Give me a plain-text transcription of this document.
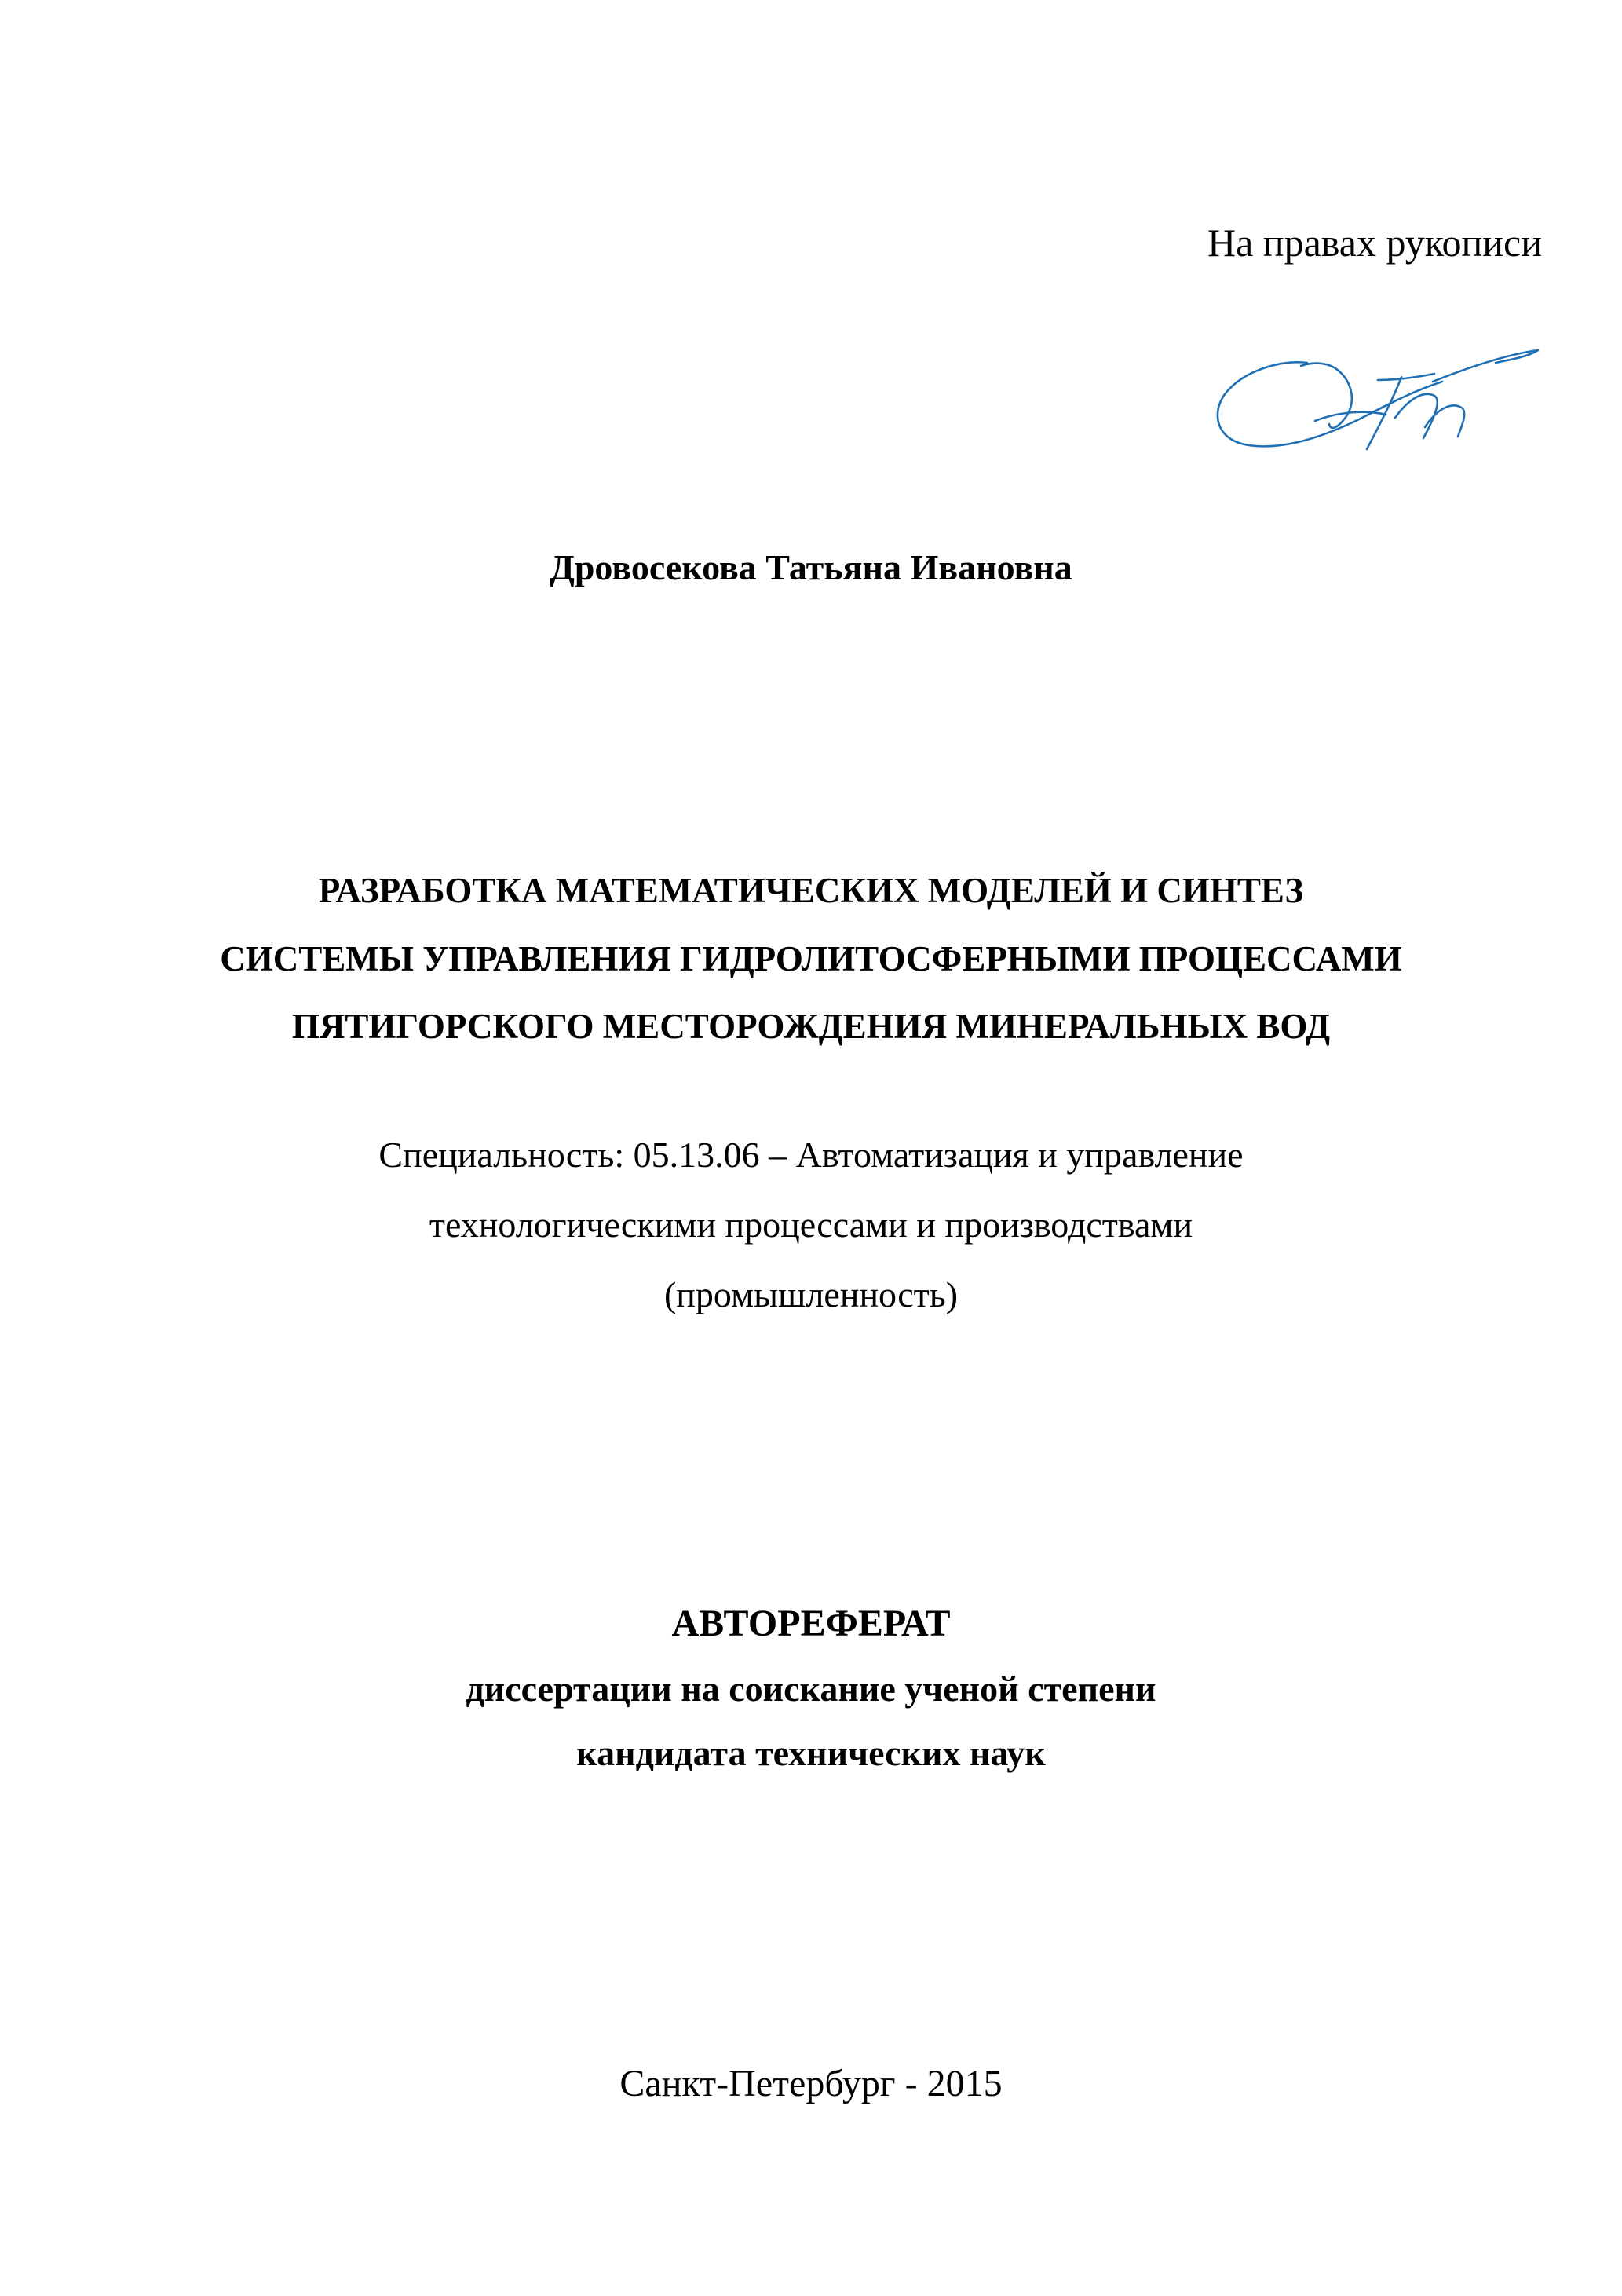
На правах рукописи
Дровосекова Татьяна Ивановна
РАЗРАБОТКА МАТЕМАТИЧЕСКИХ МОДЕЛЕЙ И СИНТЕЗ
СИСТЕМЫ УПРАВЛЕНИЯ ГИДРОЛИТОСФЕРНЫМИ ПРОЦЕССАМИ
ПЯТИГОРСКОГО МЕСТОРОЖДЕНИЯ МИНЕРАЛЬНЫХ ВОД
Специальность: 05.13.06 – Автоматизация и управление
технологическими процессами и производствами
(промышленность)
АВТОРЕФЕРАТ
диссертации на соискание ученой степени
кандидата технических наук
Санкт-Петербург - 2015
